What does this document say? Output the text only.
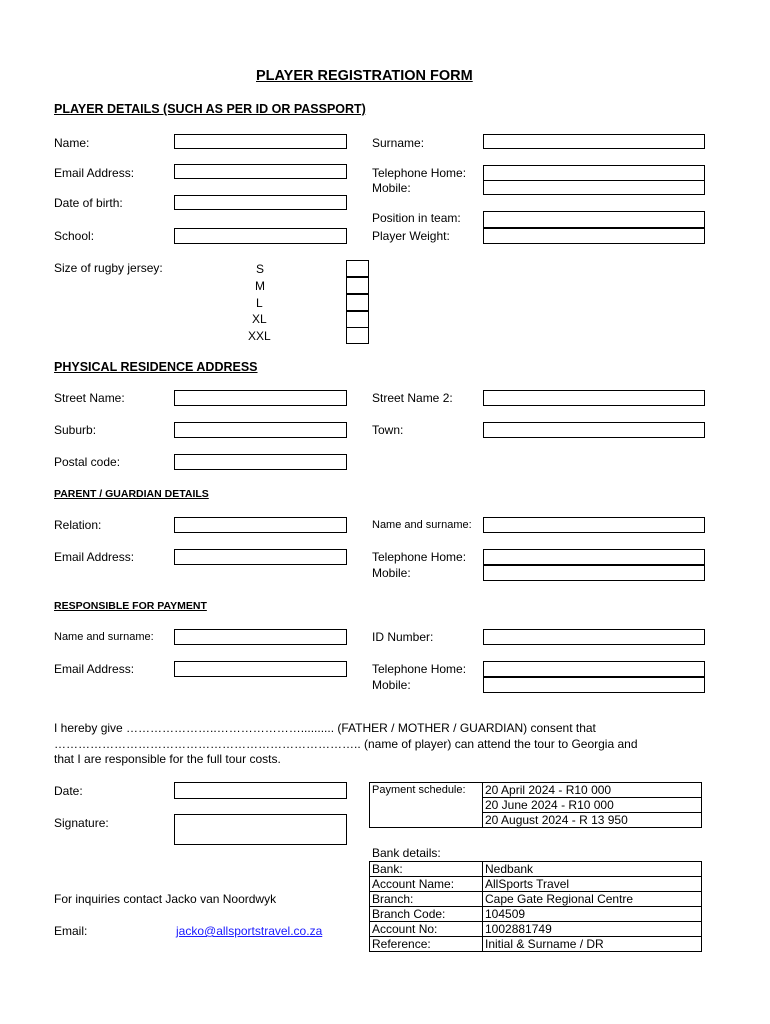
PLAYER REGISTRATION FORM
PLAYER DETAILS (SUCH AS PER ID OR PASSPORT)
Name:	Surname:
Email Address:	Telephone Home:
Mobile:
Date of birth:
Position in team:
School:	Player Weight:
Size of rugby jersey:	S
M
L
XL
XXL
PHYSICAL RESIDENCE ADDRESS
Street Name:	Street Name 2:
Suburb:	Town:
Postal code:
PARENT / GUARDIAN DETAILS
Relation:	Name and surname:
Email Address:	Telephone Home:
Mobile:
RESPONSIBLE FOR PAYMENT
Name and surname:	ID Number:
Email Address:	Telephone Home:
Mobile:
I hereby give …………………..………………….......... (FATHER / MOTHER / GUARDIAN) consent that
………………………………………………………………….. (name of player) can attend the tour to Georgia and
that I are responsible for the full tour costs.
Date:
Signature:
Payment schedule:	20 April 2024 - R10 000
20 June 2024 - R10 000
20 August 2024 - R 13 950
Bank details:
Bank:	Nedbank
Account Name:	AllSports Travel
Branch:	Cape Gate Regional Centre
Branch Code:	104509
Account No:	1002881749
Reference:	Initial & Surname / DR
For inquiries contact Jacko van Noordwyk
Email:	jacko@allsportstravel.co.za
